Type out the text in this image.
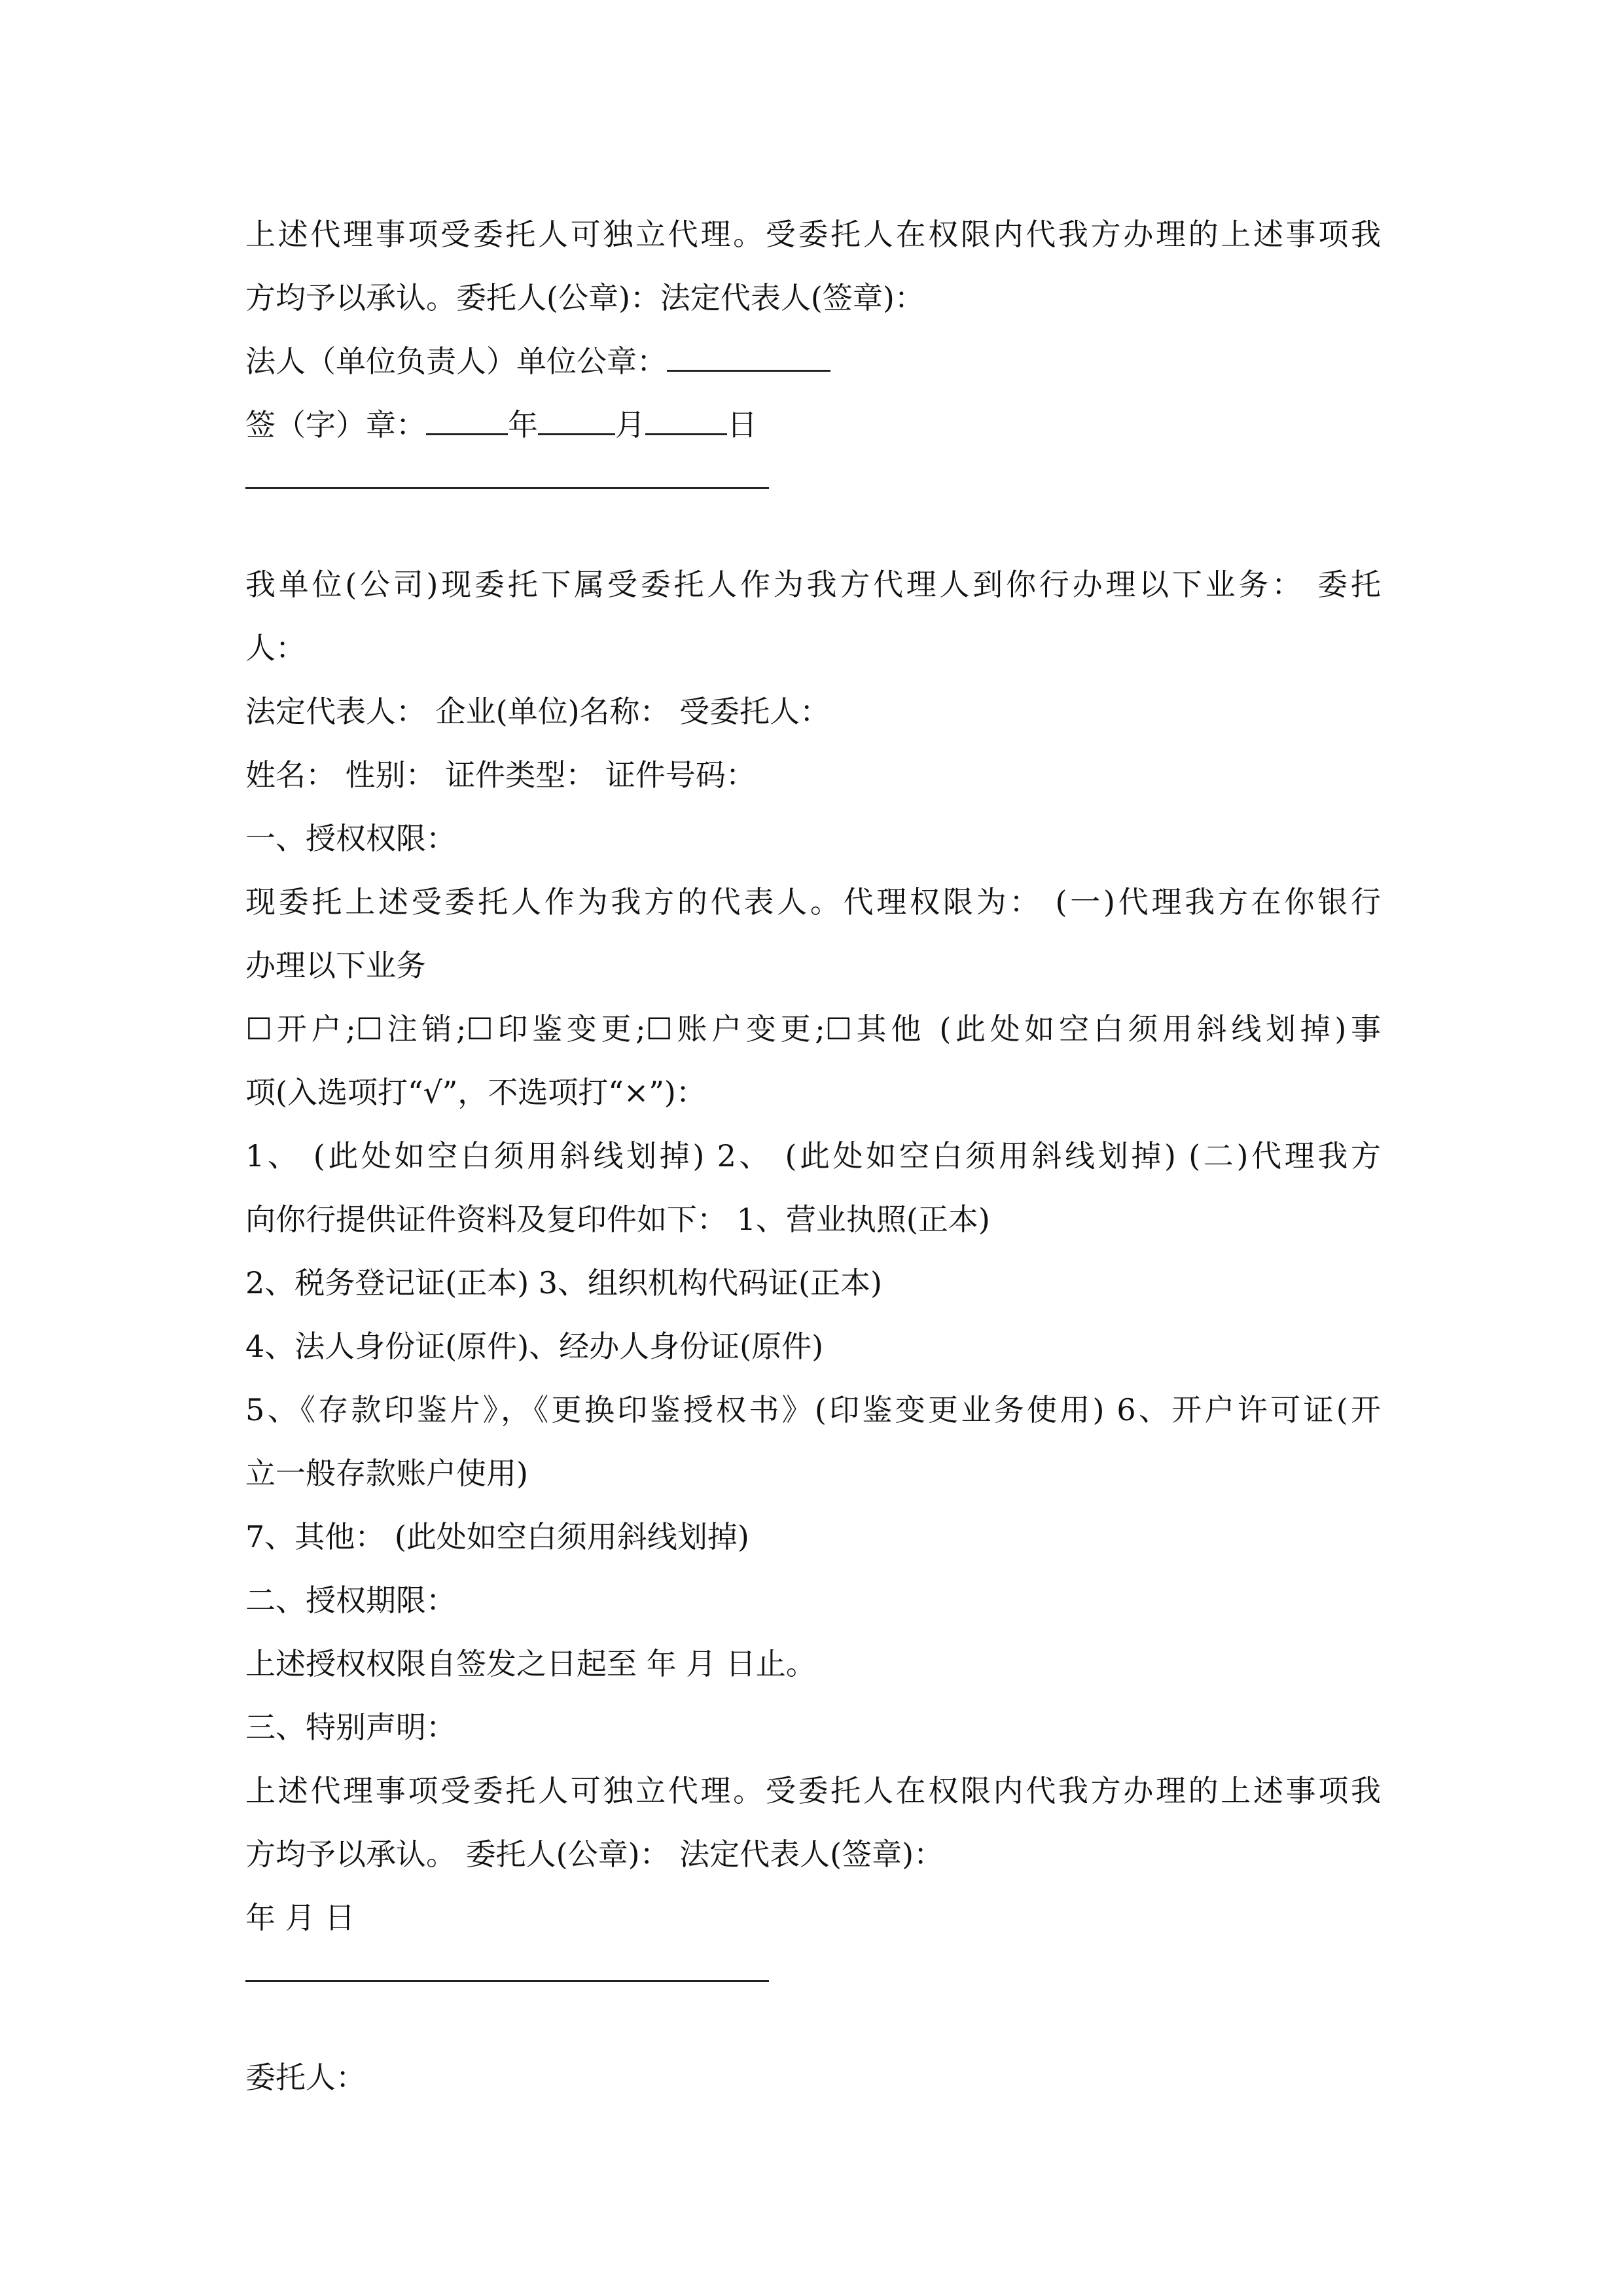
上述代理事项受委托人可独立代理。受委托人在权限内代我方办理的上述事项我
方均予以承认。委托人(公章)：法定代表人(签章)：
法人（单位负责人）单位公章：
签（字）章：	年	月	日
我单位(公司)现委托下属受委托人作为我方代理人到你行办理以下业务： 委托
人：
法定代表人： 企业(单位)名称： 受委托人：
姓名： 性别： 证件类型： 证件号码：
一、授权权限：
现委托上述受委托人作为我方的代表人。代理权限为： (一)代理我方在你银行
办理以下业务
☐开户;☐注销;☐印鉴变更;☐账户变更;☐其他 (此处如空白须用斜线划掉)事
项(入选项打“√”，不选项打“×”)：
1、 (此处如空白须用斜线划掉) 2、 (此处如空白须用斜线划掉) (二)代理我方
向你行提供证件资料及复印件如下： 1、营业执照(正本)
2、税务登记证(正本) 3、组织机构代码证(正本)
4、法人身份证(原件)、经办人身份证(原件)
5、《存款印鉴片》，《更换印鉴授权书》(印鉴变更业务使用) 6、开户许可证(开
立一般存款账户使用)
7、其他： (此处如空白须用斜线划掉)
二、授权期限：
上述授权权限自签发之日起至 年 月 日止。
三、特别声明：
上述代理事项受委托人可独立代理。受委托人在权限内代我方办理的上述事项我
方均予以承认。 委托人(公章)： 法定代表人(签章)：
年 月 日
委托人：
